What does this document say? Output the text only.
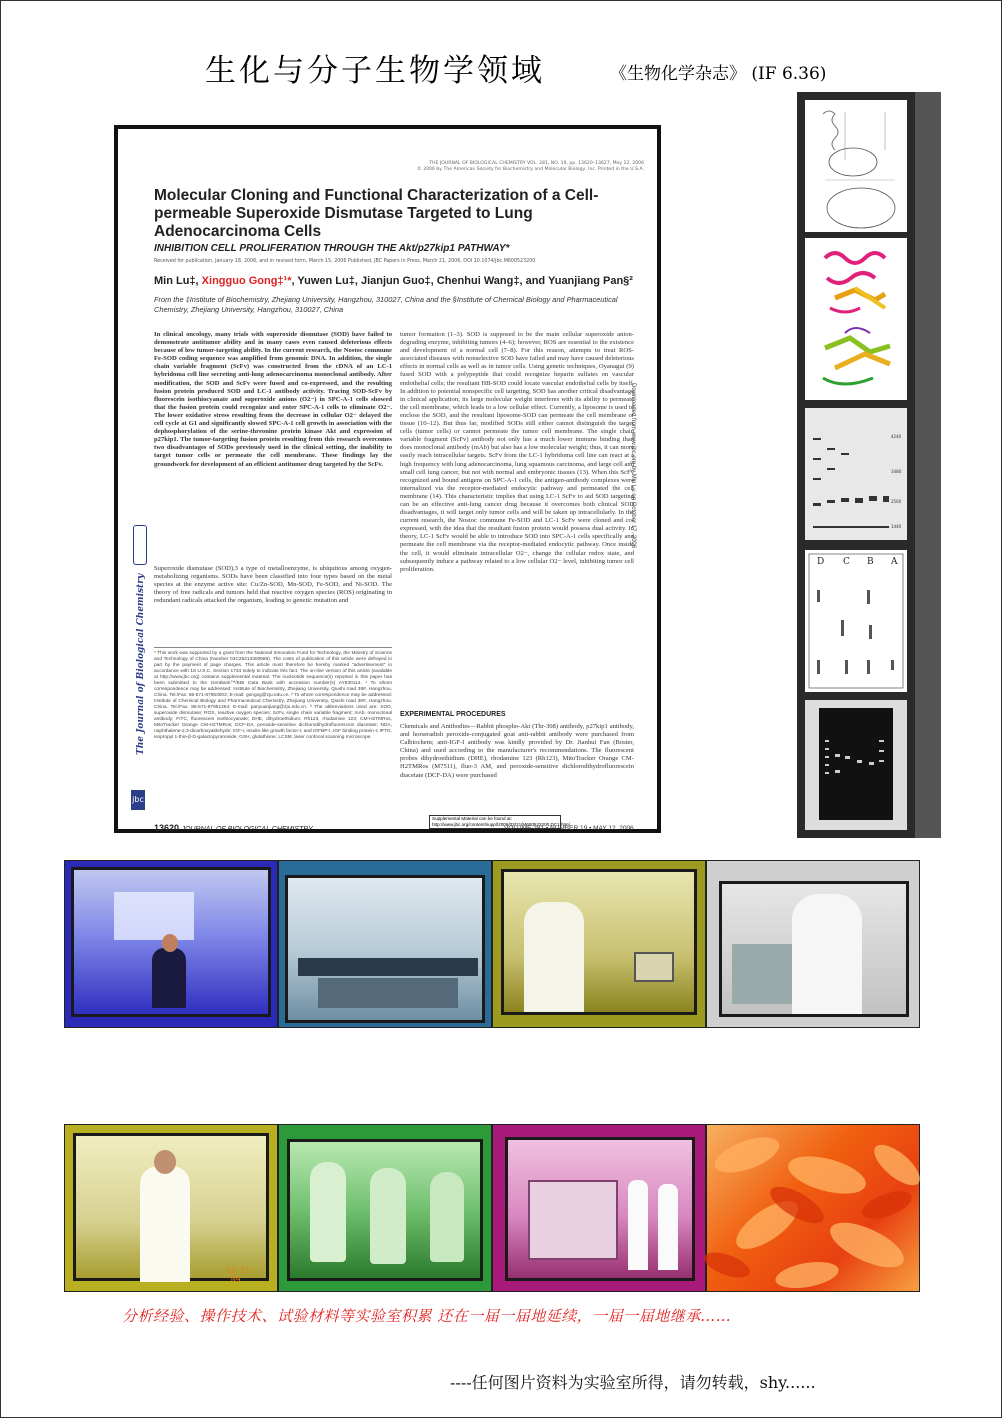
生化与分子生物学领域	《生物化学杂志》 (IF 6.36)
The Journal of Biological Chemistry
jbc
THE JOURNAL OF BIOLOGICAL CHEMISTRY VOL. 281, NO. 19, pp. 13620–13627, May 12, 2006
© 2006 by The American Society for Biochemistry and Molecular Biology, Inc. Printed in the U.S.A.
Molecular Cloning and Functional Characterization of a Cell-permeable Superoxide Dismutase Targeted to Lung Adenocarcinoma Cells
INHIBITION CELL PROLIFERATION THROUGH THE Akt/p27kip1 PATHWAY*
Received for publication, January 18, 2006, and in revised form, March 15, 2006 Published, JBC Papers in Press, March 21, 2006, DOI 10.1074/jbc.M600523200
Min Lu‡, Xingguo Gong‡¹*, Yuwen Lu‡, Jianjun Guo‡, Chenhui Wang‡, and Yuanjiang Pan§²
From the ‡Institute of Biochemistry, Zhejiang University, Hangzhou, 310027, China and the §Institute of Chemical Biology and Pharmaceutical Chemistry, Zhejiang University, Hangzhou, 310027, China
In clinical oncology, many trials with superoxide dismutase (SOD) have failed to demonstrate antitumor ability and in many cases even caused deleterious effects because of low tumor-targeting ability. In the current research, the Nostoc commune Fe-SOD coding sequence was amplified from genomic DNA. In addition, the single chain variable fragment (ScFv) was constructed from the cDNA of an LC-1 hybridoma cell line secreting anti-lung adenocarcinoma monoclonal antibody. After modification, the SOD and ScFv were fused and co-expressed, and the resulting fusion protein produced SOD and LC-1 antibody activity. Tracing SOD-ScFv by fluorescein isothiocyanate and superoxide anions (O2−) in SPC-A-1 cells showed that the fusion protein could recognize and enter SPC-A-1 cells to eliminate O2−. The lower oxidative stress resulting from the decrease in cellular O2− delayed the cell cycle at G1 and significantly slowed SPC-A-1 cell growth in association with the dephosphorylation of the serine-threonine protein kinase Akt and expression of p27kip1. The tumor-targeting fusion protein resulting from this research overcomes two disadvantages of SODs previously used in the clinical setting, the inability to target tumor cells or permeate the cell membrane. These findings lay the groundwork for development of an efficient antitumor drug targeted by the ScFv.
Superoxide dismutase (SOD),3 a type of metalloenzyme, is ubiquitous among oxygen-metabolizing organisms. SODs have been classified into four types based on the metal species at the enzyme active site: Cu/Zn-SOD, Mn-SOD, Fe-SOD, and Ni-SOD. The theory of free radicals and tumors held that reactive oxygen species (ROS) originating in redundant radicals attacked the organism, leading to genetic mutation and
* This work was supported by a grant from the National Innovation Fund for Technology, the Ministry of Science and Technology of China (Number 03C26213300586). The costs of publication of this article were defrayed in part by the payment of page charges. This article must therefore be hereby marked "advertisement" in accordance with 18 U.S.C. Section 1734 solely to indicate this fact. The on-line version of this article (available at http://www.jbc.org) contains supplemental material. The nucleotide sequence(s) reported in this paper has been submitted to the GenBank™/EBI Data Bank with accession number(s) AY830114. ¹ To whom correspondence may be addressed: Institute of Biochemistry, Zhejiang University, Qiushi road 38#, Hangzhou, China. Tel./Fax: 86-571-87953002; E-mail: gongxg@zju.edu.cn. ² To whom correspondence may be addressed: Institute of Chemical Biology and Pharmaceutical Chemistry, Zhejiang University, Qiushi road 38#, Hangzhou, China. Tel./Fax: 86-571-87951264; E-mail: panyuanjiang@zju.edu.cn. ³ The abbreviations used are: SOD, superoxide dismutase; ROS, reactive oxygen species; ScFv, single chain variable fragment; mAb, monoclonal antibody; FITC, fluorescein isothiocyanate; DHE, dihydroethidium; Rh123, rhodamine 123; CM-H2TMRos, MitoTracker Orange CM-H2TMRos; DCF-DA, peroxide-sensitive dichlorodihydrofluorescein diacetate; NDA, naphthalene-2,3-dicarboxyaldehyde; IGF-I, insulin-like growth factor-I; and IGFBP-I, IGF binding protein-I; IPTG, isopropyl 1-thio-β-D-galactopyranoside; GSH, glutathione; LCSM, laser confocal scanning microscope.
tumor formation (1–3). SOD is supposed to be the main cellular superoxide anion-degrading enzyme, inhibiting tumors (4–6); however, ROS are essential to the existence and development of a normal cell (7–8). For this reason, attempts to treat ROS-associated diseases with nonselective SOD have failed and may have caused deleterious effects in normal cells as well as in tumor cells. Using genetic techniques, Oyanagui (9) fused SOD with a polypeptide that could recognize heparin sulfates on vascular endothelial cells; the resultant HB-SOD could locate vascular endothelial cells by itself. In addition to potential nonspecific cell targeting, SOD has another critical disadvantage in clinical application; its large molecular weight interferes with its ability to permeate the cell membrane, which leads to a low cellular effect. Currently, a liposome is used to enclose the SOD, and the resultant liposome-SOD can permeate the cell membrane or tissue (10–12). But thus far, modified SODs still either cannot distinguish the target cells (tumor cells) or cannot permeate the tumor cell membrane. The single chain variable fragment (ScFv) antibody not only has a much lower immune binding than does monoclonal antibody (mAb) but also has a low molecular weight; thus, it can more easily reach intracellular targets. ScFv from the LC-1 hybridoma cell line can react at a high frequency with lung adenocarcinoma, lung squamous carcinoma, and large cell and small cell lung cancer, but not with normal and embryonic tissues (13). When this ScFv recognized and bound antigens on SPC-A-1 cells, the antigen-antibody complexes were internalized via the receptor-mediated endocytic pathway and permeated the cell membrane (14). This characteristic implies that using LC-1 ScFv to aid SOD targeting can be an effective anti-lung cancer drug because it overcomes both clinical SOD disadvantages, it will target only tumor cells and will be taken up intracellularly. In the current research, the Nostoc commune Fe-SOD and LC-1 ScFv were cloned and co-expressed, with the idea that the resultant fusion protein would possess dual activity. In theory, LC-1 ScFv would be able to introduce SOD into SPC-A-1 cells specifically and permeate the cell membrane via the receptor-mediated endocytic pathway. Once inside the cell, it would eliminate intracellular O2−, change the cellular redox state, and subsequently induce a pathway related to a low cellular O2− level, inhibiting tumor cell proliferation.
EXPERIMENTAL PROCEDURES
Chemicals and Antibodies—Rabbit phospho-Akt (Thr-308) antibody, p27kip1 antibody, and horseradish peroxide-conjugated goat anti-rabbit antibody were purchased from Calbiochem; anti-IGF-I antibody was kindly provided by Dr. Jianhui Fan (Boster, China) and used according to the manufacturer's recommendations. The fluorescent probes dihydroethidium (DHE), rhodamine 123 (Rh123), MitoTracker Orange CM-H2TMRos (M7511), fluo-3 AM, and peroxide-sensitive dichlorodihydrofluorescein diacetate (DCF-DA) were purchased
Downloaded from www.jbc.org by Min Lu on October 17, 2006
Supplemental Material can be found at: http://www.jbc.org/content/suppl/2006/03/21/M600523200.DC1.html
13620 JOURNAL OF BIOLOGICAL CHEMISTRY	VOLUME 281 • NUMBER 19 • MAY 12, 2006
4240
3480
2560
1440
A
B
C
D
12 11 '09
分析经验、操作技术、试验材料等实验室积累 还在一届一届地延续，一届一届地继承……
----任何图片资料为实验室所得，请勿转载，shy......
